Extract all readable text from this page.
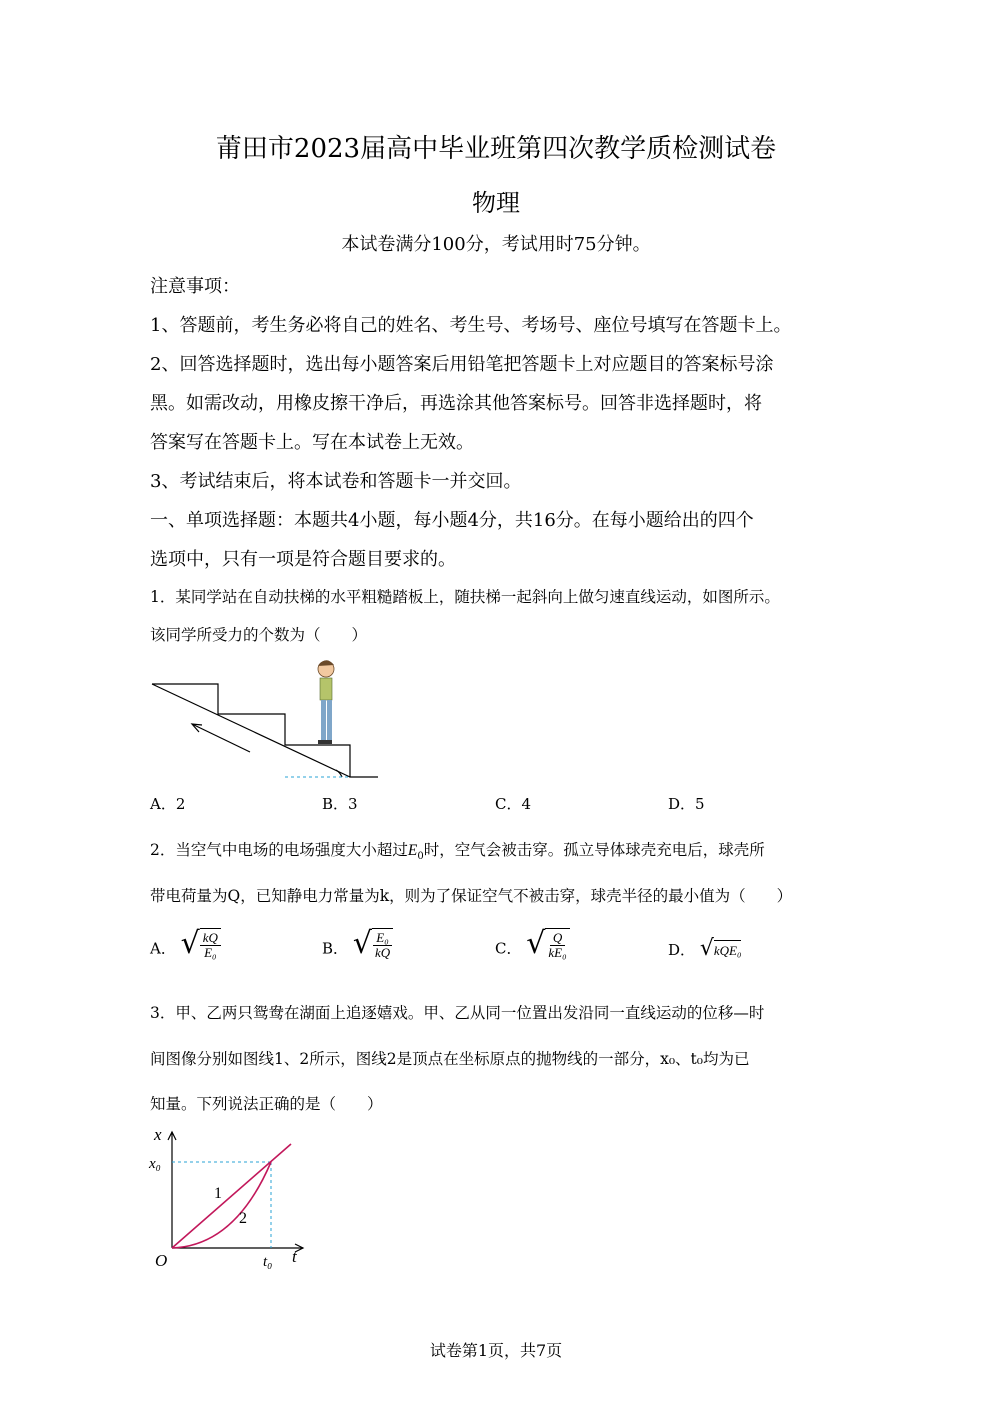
莆田市2023届高中毕业班第四次教学质检测试卷
物理
本试卷满分100分，考试用时75分钟。
注意事项：
1、答题前，考生务必将自己的姓名、考生号、考场号、座位号填写在答题卡上。
2、回答选择题时，选出每小题答案后用铅笔把答题卡上对应题目的答案标号涂
黑。如需改动，用橡皮擦干净后，再选涂其他答案标号。回答非选择题时，将
答案写在答题卡上。写在本试卷上无效。
3、考试结束后，将本试卷和答题卡一并交回。
一、单项选择题：本题共4小题，每小题4分，共16分。在每小题给出的四个
选项中，只有一项是符合题目要求的。
1．某同学站在自动扶梯的水平粗糙踏板上，随扶梯一起斜向上做匀速直线运动，如图所示。
该同学所受力的个数为（　　）
A．2	B．3	C．4	D．5
2．当空气中电场的电场强度大小超过$E_0$时，空气会被击穿。孤立导体球壳充电后，球壳所
带电荷量为Q，已知静电力常量为k，则为了保证空气不被击穿，球壳半径的最小值为（　　）
A． √ $\frac{kQ}{\text{E₀}}$	B． √ $\frac{\text{E₀}}{kQ}$	C． √ $\frac{Q}{\text{kE₀}}$	D． √ kQE₀
3．甲、乙两只鸳鸯在湖面上追逐嬉戏。甲、乙从同一位置出发沿同一直线运动的位移—时
间图像分别如图线1、2所示，图线2是顶点在坐标原点的抛物线的一部分，x₀、t₀均为已
知量。下列说法正确的是（　　）
x
t
O
x₀
t₀
1
2
试卷第1页，共7页
